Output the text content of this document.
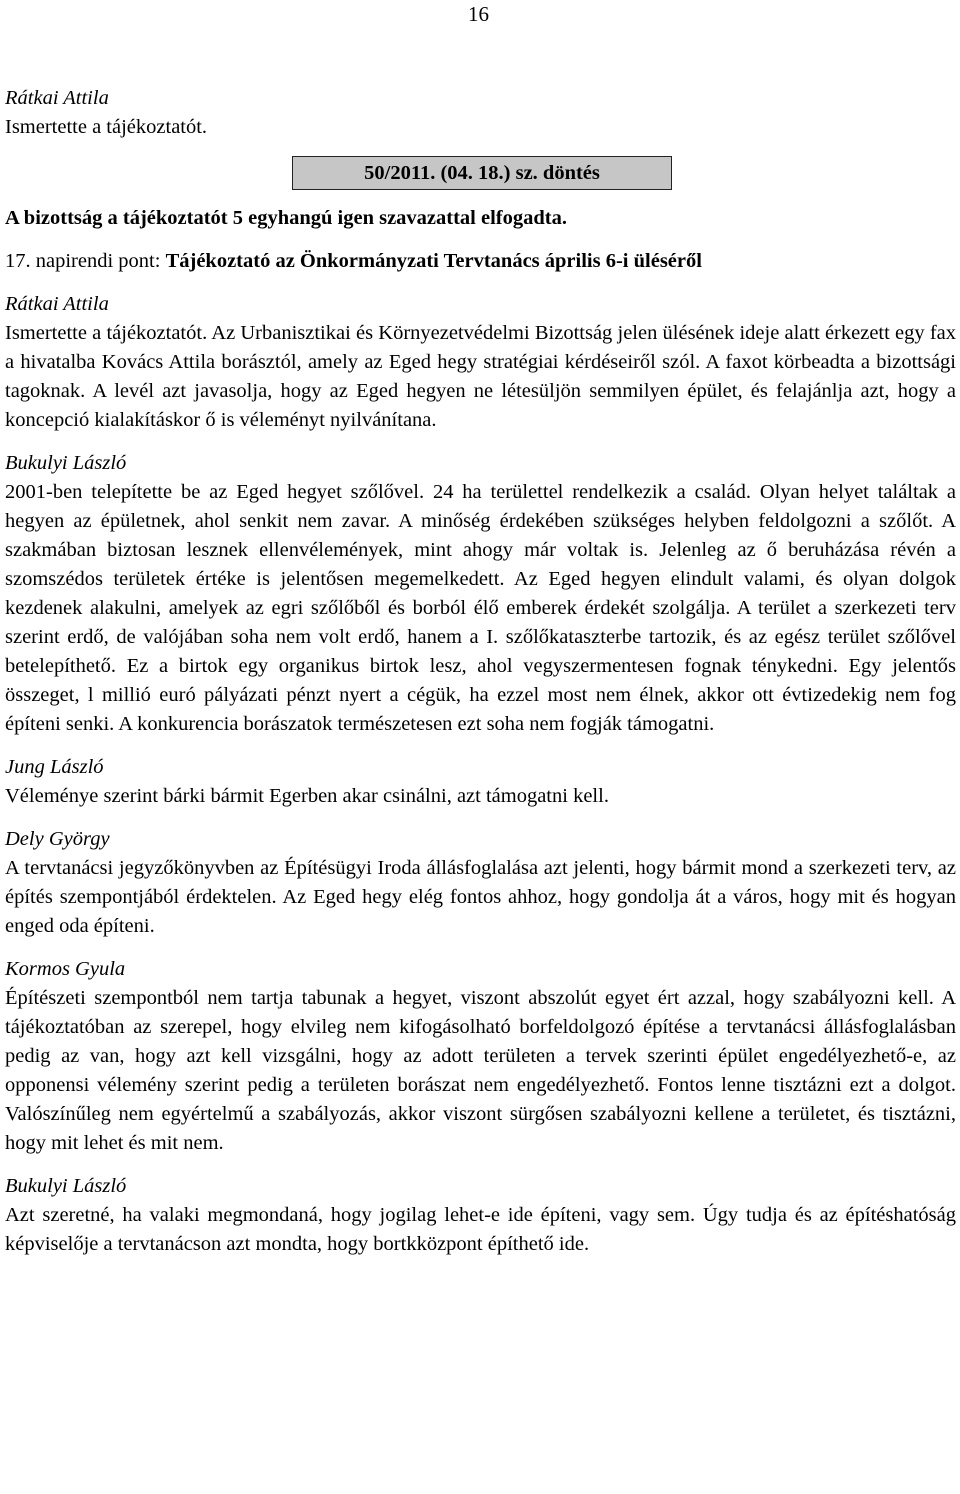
16

Rátkai Attila

Ismertette a tájékoztatót.

50/2011. (04. 18.) sz. döntés

A bizottság a tájékoztatót 5 egyhangú igen szavazattal elfogadta.

17. napirendi pont: Tájékoztató az Önkormányzati Tervtanács április 6-i üléséről

Rátkai Attila

Ismertette a tájékoztatót. Az Urbanisztikai és Környezetvédelmi Bizottság jelen ülésének ideje alatt érkezett egy fax a hivatalba Kovács Attila borásztól, amely az Eged hegy stratégiai kérdéseiről szól. A faxot körbeadta a bizottsági tagoknak. A levél azt javasolja, hogy az Eged hegyen ne létesüljön semmilyen épület, és felajánlja azt, hogy a koncepció kialakításkor ő is véleményt nyilvánítana.

Bukulyi László

2001-ben telepítette be az Eged hegyet szőlővel. 24 ha területtel rendelkezik a család. Olyan helyet találtak a hegyen az épületnek, ahol senkit nem zavar. A minőség érdekében szükséges helyben feldolgozni a szőlőt. A szakmában biztosan lesznek ellenvélemények, mint ahogy már voltak is. Jelenleg az ő beruházása révén a szomszédos területek értéke is jelentősen megemelkedett. Az Eged hegyen elindult valami, és olyan dolgok kezdenek alakulni, amelyek az egri szőlőből és borból élő emberek érdekét szolgálja. A terület a szerkezeti terv szerint erdő, de valójában soha nem volt erdő, hanem a I. szőlőkataszterbe tartozik, és az egész terület szőlővel betelepíthető. Ez a birtok egy organikus birtok lesz, ahol vegyszermentesen fognak ténykedni. Egy jelentős összeget, l millió euró pályázati pénzt nyert a cégük, ha ezzel most nem élnek, akkor ott évtizedekig nem fog építeni senki. A konkurencia borászatok természetesen ezt soha nem fogják támogatni.

Jung László

Véleménye szerint bárki bármit Egerben akar csinálni, azt támogatni kell.

Dely György

A tervtanácsi jegyzőkönyvben az Építésügyi Iroda állásfoglalása azt jelenti, hogy bármit mond a szerkezeti terv, az építés szempontjából érdektelen. Az Eged hegy elég fontos ahhoz, hogy gondolja át a város, hogy mit és hogyan enged oda építeni.

Kormos Gyula

Építészeti szempontból nem tartja tabunak a hegyet, viszont abszolút egyet ért azzal, hogy szabályozni kell. A tájékoztatóban az szerepel, hogy elvileg nem kifogásolható borfeldolgozó építése a tervtanácsi állásfoglalásban pedig az van, hogy azt kell vizsgálni, hogy az adott területen a tervek szerinti épület engedélyezhető-e, az opponensi vélemény szerint pedig a területen borászat nem engedélyezhető. Fontos lenne tisztázni ezt a dolgot. Valószínűleg nem egyértelmű a szabályozás, akkor viszont sürgősen szabályozni kellene a területet, és tisztázni, hogy mit lehet és mit nem.

Bukulyi László

Azt szeretné, ha valaki megmondaná, hogy jogilag lehet-e ide építeni, vagy sem. Úgy tudja és az építéshatóság képviselője a tervtanácson azt mondta, hogy bortkközpont építhető ide.
